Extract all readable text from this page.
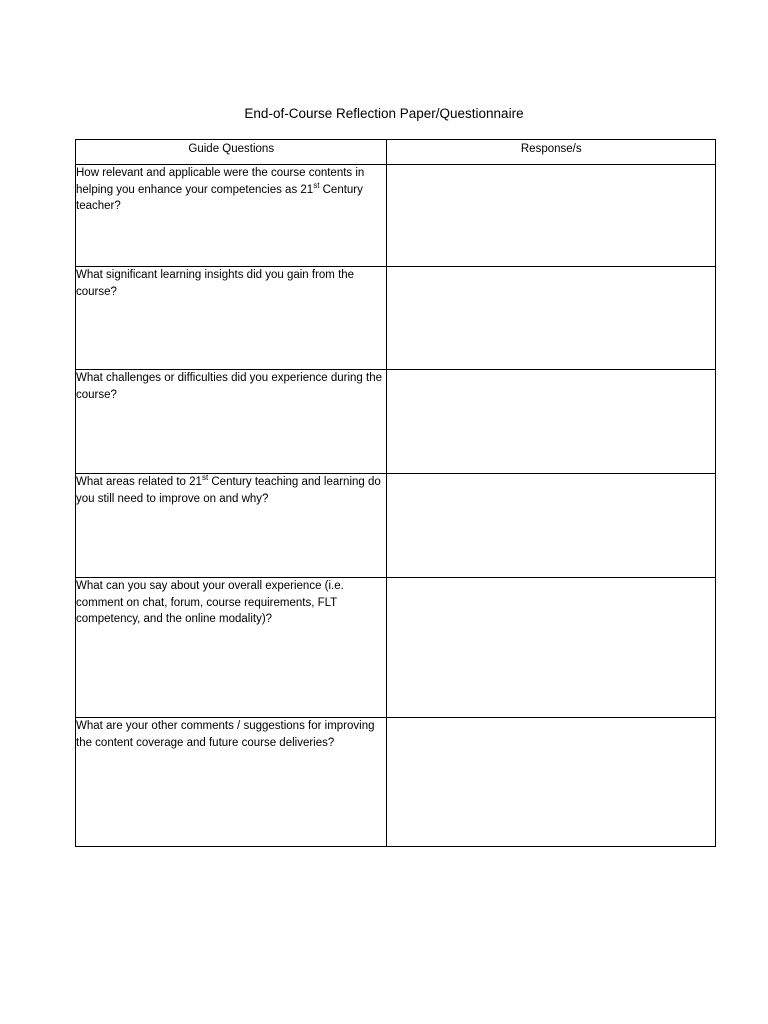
End-of-Course Reflection Paper/Questionnaire
Guide Questions	Response/s
How relevant and applicable were the course contents in helping you enhance your competencies as 21st Century teacher?	
What significant learning insights did you gain from the course?	
What challenges or difficulties did you experience during the course?	
What areas related to 21st Century teaching and learning do you still need to improve on and why?	
What can you say about your overall experience (i.e. comment on chat, forum, course requirements, FLT competency, and the online modality)?	
What are your other comments / suggestions for improving the content coverage and future course deliveries?	
